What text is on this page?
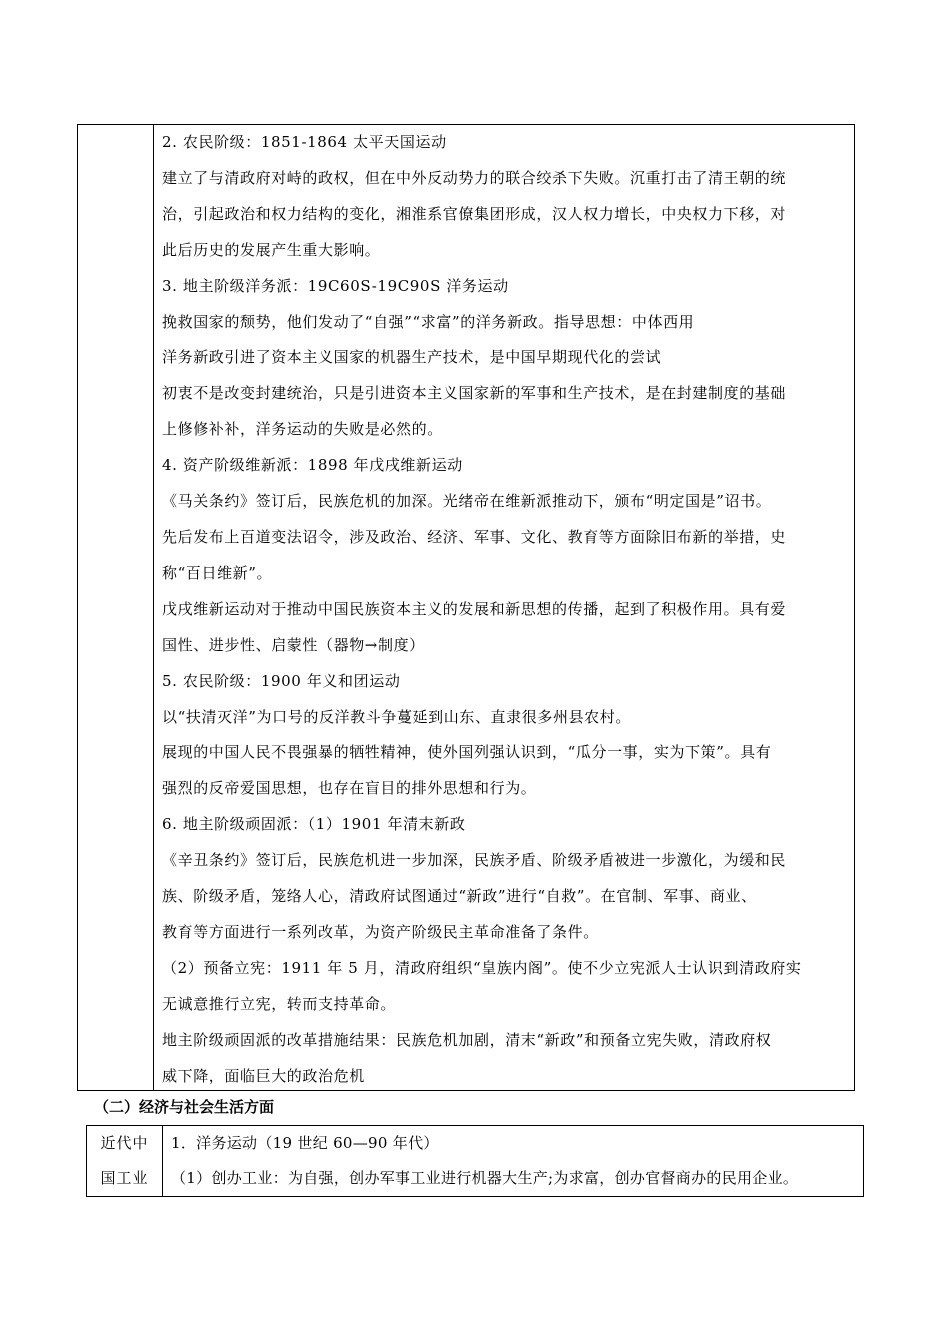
2. 农民阶级：1851-1864 太平天国运动
建立了与清政府对峙的政权，但在中外反动势力的联合绞杀下失败。沉重打击了清王朝的统
治，引起政治和权力结构的变化，湘淮系官僚集团形成，汉人权力增长，中央权力下移，对
此后历史的发展产生重大影响。
3. 地主阶级洋务派：19C60S-19C90S 洋务运动
挽救国家的颓势，他们发动了“自强”“求富”的洋务新政。指导思想：中体西用
洋务新政引进了资本主义国家的机器生产技术，是中国早期现代化的尝试
初衷不是改变封建统治，只是引进资本主义国家新的军事和生产技术，是在封建制度的基础
上修修补补，洋务运动的失败是必然的。
4. 资产阶级维新派：1898 年戊戌维新运动
《马关条约》签订后，民族危机的加深。光绪帝在维新派推动下，颁布“明定国是”诏书。
先后发布上百道变法诏令，涉及政治、经济、军事、文化、教育等方面除旧布新的举措，史
称“百日维新”。
戊戌维新运动对于推动中国民族资本主义的发展和新思想的传播，起到了积极作用。具有爱
国性、进步性、启蒙性（器物→制度）
5. 农民阶级：1900 年义和团运动
以“扶清灭洋”为口号的反洋教斗争蔓延到山东、直隶很多州县农村。
展现的中国人民不畏强暴的牺牲精神，使外国列强认识到，“瓜分一事，实为下策”。具有
强烈的反帝爱国思想，也存在盲目的排外思想和行为。
6. 地主阶级顽固派：（1）1901 年清末新政
《辛丑条约》签订后，民族危机进一步加深，民族矛盾、阶级矛盾被进一步激化，为缓和民
族、阶级矛盾，笼络人心，清政府试图通过“新政”进行“自救”。在官制、军事、商业、
教育等方面进行一系列改革，为资产阶级民主革命准备了条件。
（2）预备立宪：1911 年 5 月，清政府组织“皇族内阁”。使不少立宪派人士认识到清政府实
无诚意推行立宪，转而支持革命。
地主阶级顽固派的改革措施结果：民族危机加剧，清末“新政”和预备立宪失败，清政府权
威下降，面临巨大的政治危机
（二）经济与社会生活方面
近代中
国工业
1．洋务运动（19 世纪 60—90 年代）
（1）创办工业：为自强，创办军事工业进行机器大生产;为求富，创办官督商办的民用企业。
